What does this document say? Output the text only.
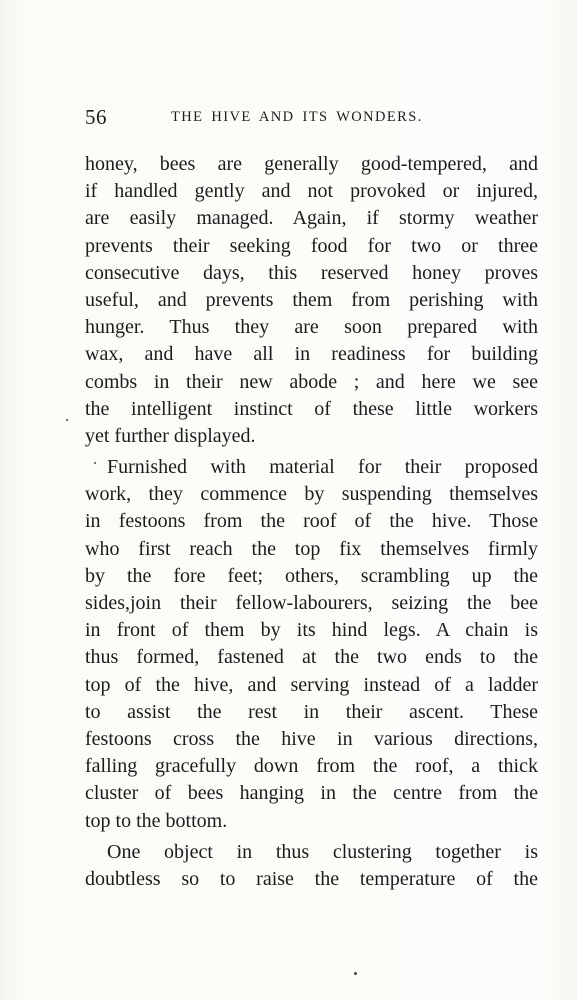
56	THE HIVE AND ITS WONDERS.
honey, bees are generally good-tempered, and
if handled gently and not provoked or injured,
are easily managed. Again, if stormy weather
prevents their seeking food for two or three
consecutive days, this reserved honey proves
useful, and prevents them from perishing with
hunger. Thus they are soon prepared with
wax, and have all in readiness for building
combs in their new abode ; and here we see
the intelligent instinct of these little workers
yet further displayed.
Furnished with material for their proposed
work, they commence by suspending themselves
in festoons from the roof of the hive. Those
who first reach the top fix themselves firmly
by the fore feet; others, scrambling up the
sides,join their fellow-labourers, seizing the bee
in front of them by its hind legs. A chain is
thus formed, fastened at the two ends to the
top of the hive, and serving instead of a ladder
to assist the rest in their ascent. These
festoons cross the hive in various directions,
falling gracefully down from the roof, a thick
cluster of bees hanging in the centre from the
top to the bottom.
One object in thus clustering together is
doubtless so to raise the temperature of the
